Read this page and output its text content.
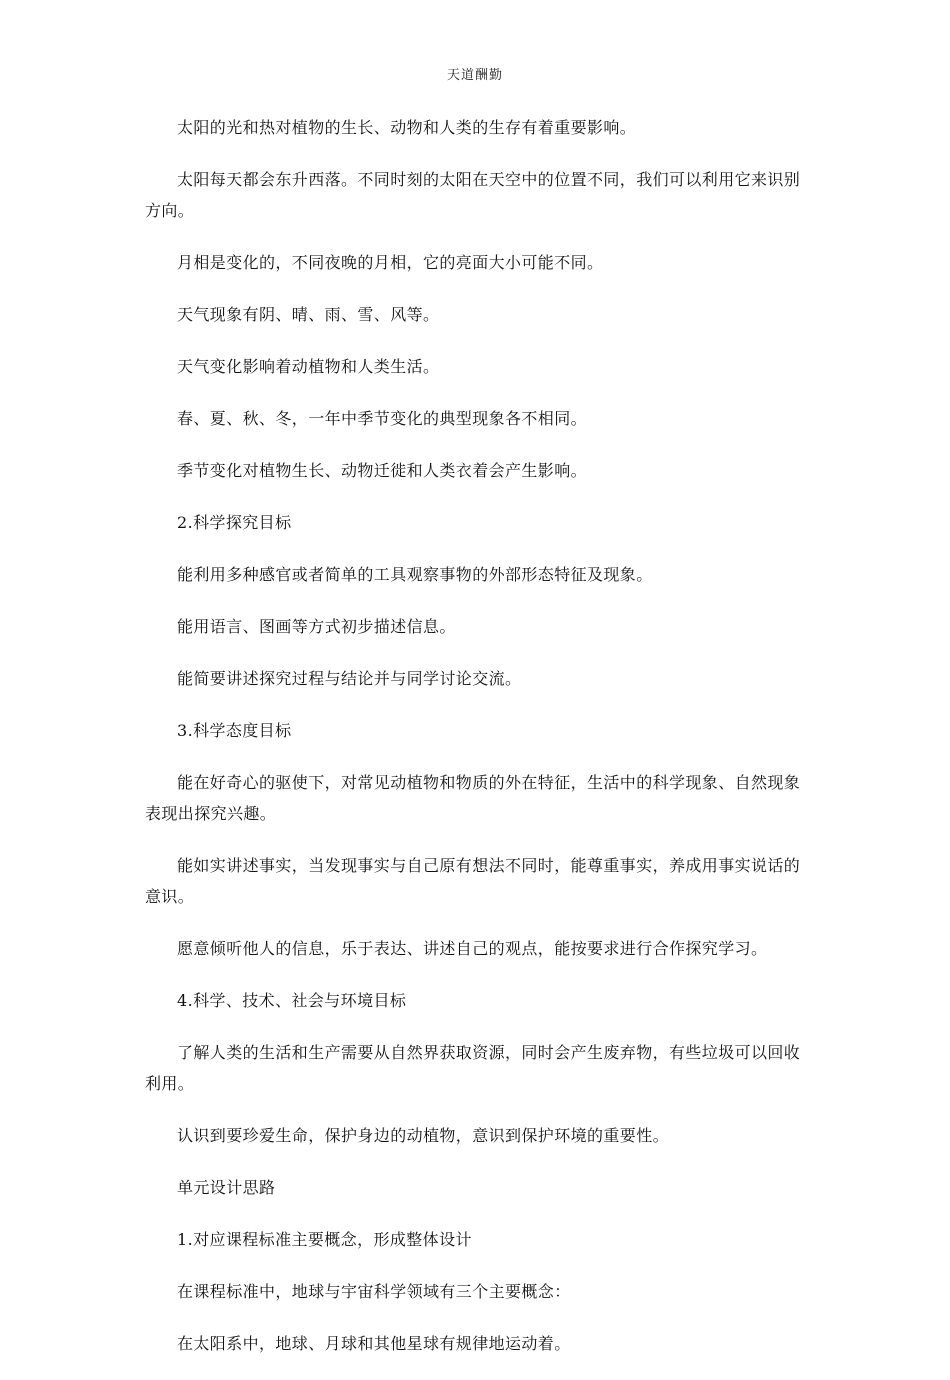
天道酬勤

太阳的光和热对植物的生长、动物和人类的生存有着重要影响。

太阳每天都会东升西落。不同时刻的太阳在天空中的位置不同，我们可以利用它来识别方向。

月相是变化的，不同夜晚的月相，它的亮面大小可能不同。

天气现象有阴、晴、雨、雪、风等。

天气变化影响着动植物和人类生活。

春、夏、秋、冬，一年中季节变化的典型现象各不相同。

季节变化对植物生长、动物迁徙和人类衣着会产生影响。

2.科学探究目标

能利用多种感官或者简单的工具观察事物的外部形态特征及现象。

能用语言、图画等方式初步描述信息。

能简要讲述探究过程与结论并与同学讨论交流。

3.科学态度目标

能在好奇心的驱使下，对常见动植物和物质的外在特征，生活中的科学现象、自然现象表现出探究兴趣。

能如实讲述事实，当发现事实与自己原有想法不同时，能尊重事实，养成用事实说话的意识。

愿意倾听他人的信息，乐于表达、讲述自己的观点，能按要求进行合作探究学习。

4.科学、技术、社会与环境目标

了解人类的生活和生产需要从自然界获取资源，同时会产生废弃物，有些垃圾可以回收利用。

认识到要珍爱生命，保护身边的动植物，意识到保护环境的重要性。

单元设计思路

1.对应课程标准主要概念，形成整体设计

在课程标准中，地球与宇宙科学领域有三个主要概念：

在太阳系中，地球、月球和其他星球有规律地运动着。
